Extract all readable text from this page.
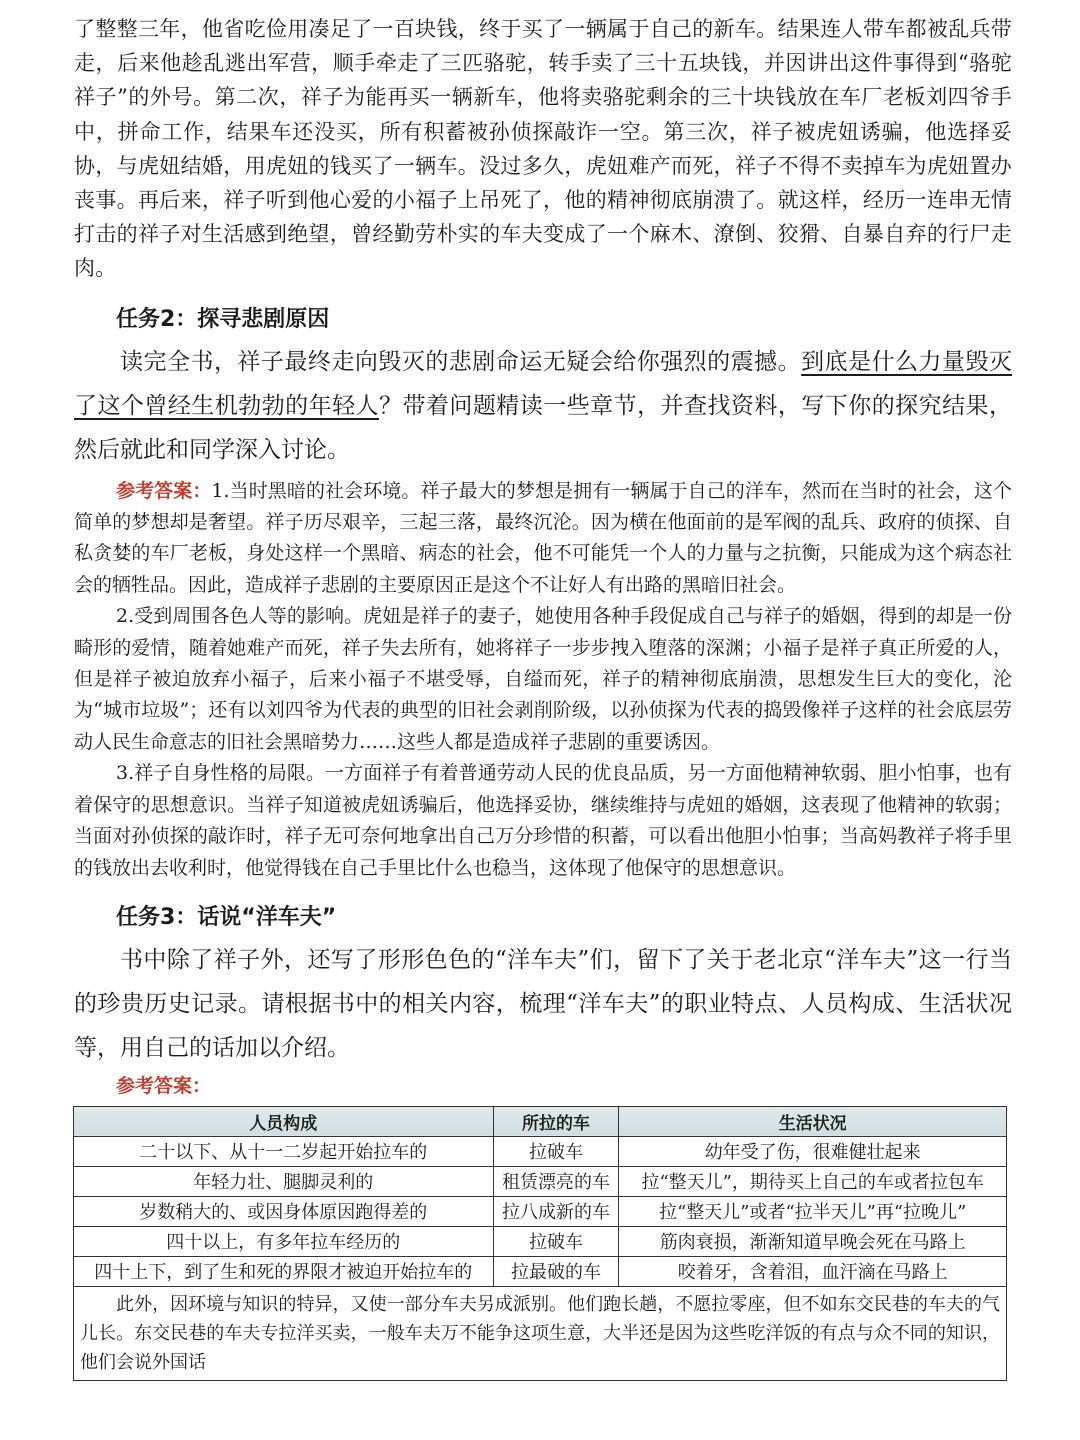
了整整三年，他省吃俭用凑足了一百块钱，终于买了一辆属于自己的新车。结果连人带车都被乱兵带走，后来他趁乱逃出军营，顺手牵走了三匹骆驼，转手卖了三十五块钱，并因讲出这件事得到“骆驼祥子”的外号。第二次，祥子为能再买一辆新车，他将卖骆驼剩余的三十块钱放在车厂老板刘四爷手中，拼命工作，结果车还没买，所有积蓄被孙侦探敲诈一空。第三次，祥子被虎妞诱骗，他选择妥协，与虎妞结婚，用虎妞的钱买了一辆车。没过多久，虎妞难产而死，祥子不得不卖掉车为虎妞置办丧事。再后来，祥子听到他心爱的小福子上吊死了，他的精神彻底崩溃了。就这样，经历一连串无情打击的祥子对生活感到绝望，曾经勤劳朴实的车夫变成了一个麻木、潦倒、狡猾、自暴自弃的行尸走肉。

任务2：探寻悲剧原因

读完全书，祥子最终走向毁灭的悲剧命运无疑会给你强烈的震撼。到底是什么力量毁灭了这个曾经生机勃勃的年轻人？带着问题精读一些章节，并查找资料，写下你的探究结果，然后就此和同学深入讨论。

参考答案：1.当时黑暗的社会环境。祥子最大的梦想是拥有一辆属于自己的洋车，然而在当时的社会，这个简单的梦想却是奢望。祥子历尽艰辛，三起三落，最终沉沦。因为横在他面前的是军阀的乱兵、政府的侦探、自私贪婪的车厂老板，身处这样一个黑暗、病态的社会，他不可能凭一个人的力量与之抗衡，只能成为这个病态社会的牺牲品。因此，造成祥子悲剧的主要原因正是这个不让好人有出路的黑暗旧社会。

2.受到周围各色人等的影响。虎妞是祥子的妻子，她使用各种手段促成自己与祥子的婚姻，得到的却是一份畸形的爱情，随着她难产而死，祥子失去所有，她将祥子一步步拽入堕落的深渊；小福子是祥子真正所爱的人，但是祥子被迫放弃小福子，后来小福子不堪受辱，自缢而死，祥子的精神彻底崩溃，思想发生巨大的变化，沦为“城市垃圾”；还有以刘四爷为代表的典型的旧社会剥削阶级，以孙侦探为代表的捣毁像祥子这样的社会底层劳动人民生命意志的旧社会黑暗势力……这些人都是造成祥子悲剧的重要诱因。

3.祥子自身性格的局限。一方面祥子有着普通劳动人民的优良品质，另一方面他精神软弱、胆小怕事，也有着保守的思想意识。当祥子知道被虎妞诱骗后，他选择妥协，继续维持与虎妞的婚姻，这表现了他精神的软弱；当面对孙侦探的敲诈时，祥子无可奈何地拿出自己万分珍惜的积蓄，可以看出他胆小怕事；当高妈教祥子将手里的钱放出去收利时，他觉得钱在自己手里比什么也稳当，这体现了他保守的思想意识。

任务3：话说“洋车夫”

书中除了祥子外，还写了形形色色的“洋车夫”们，留下了关于老北京“洋车夫”这一行当的珍贵历史记录。请根据书中的相关内容，梳理“洋车夫”的职业特点、人员构成、生活状况等，用自己的话加以介绍。

参考答案：
人员构成	所拉的车	生活状况
二十以下、从十一二岁起开始拉车的	拉破车	幼年受了伤，很难健壮起来
年轻力壮、腿脚灵利的	租赁漂亮的车	拉“整天儿”，期待买上自己的车或者拉包车
岁数稍大的、或因身体原因跑得差的	拉八成新的车	拉“整天儿”或者“拉半天儿”再“拉晚儿”
四十以上，有多年拉车经历的	拉破车	筋肉衰损，渐渐知道早晚会死在马路上
四十上下，到了生和死的界限才被迫开始拉车的	拉最破的车	咬着牙，含着泪，血汗滴在马路上
此外，因环境与知识的特异，又使一部分车夫另成派别。他们跑长趟，不愿拉零座，但不如东交民巷的车夫的气儿长。东交民巷的车夫专拉洋买卖，一般车夫万不能争这项生意，大半还是因为这些吃洋饭的有点与众不同的知识，他们会说外国话		
